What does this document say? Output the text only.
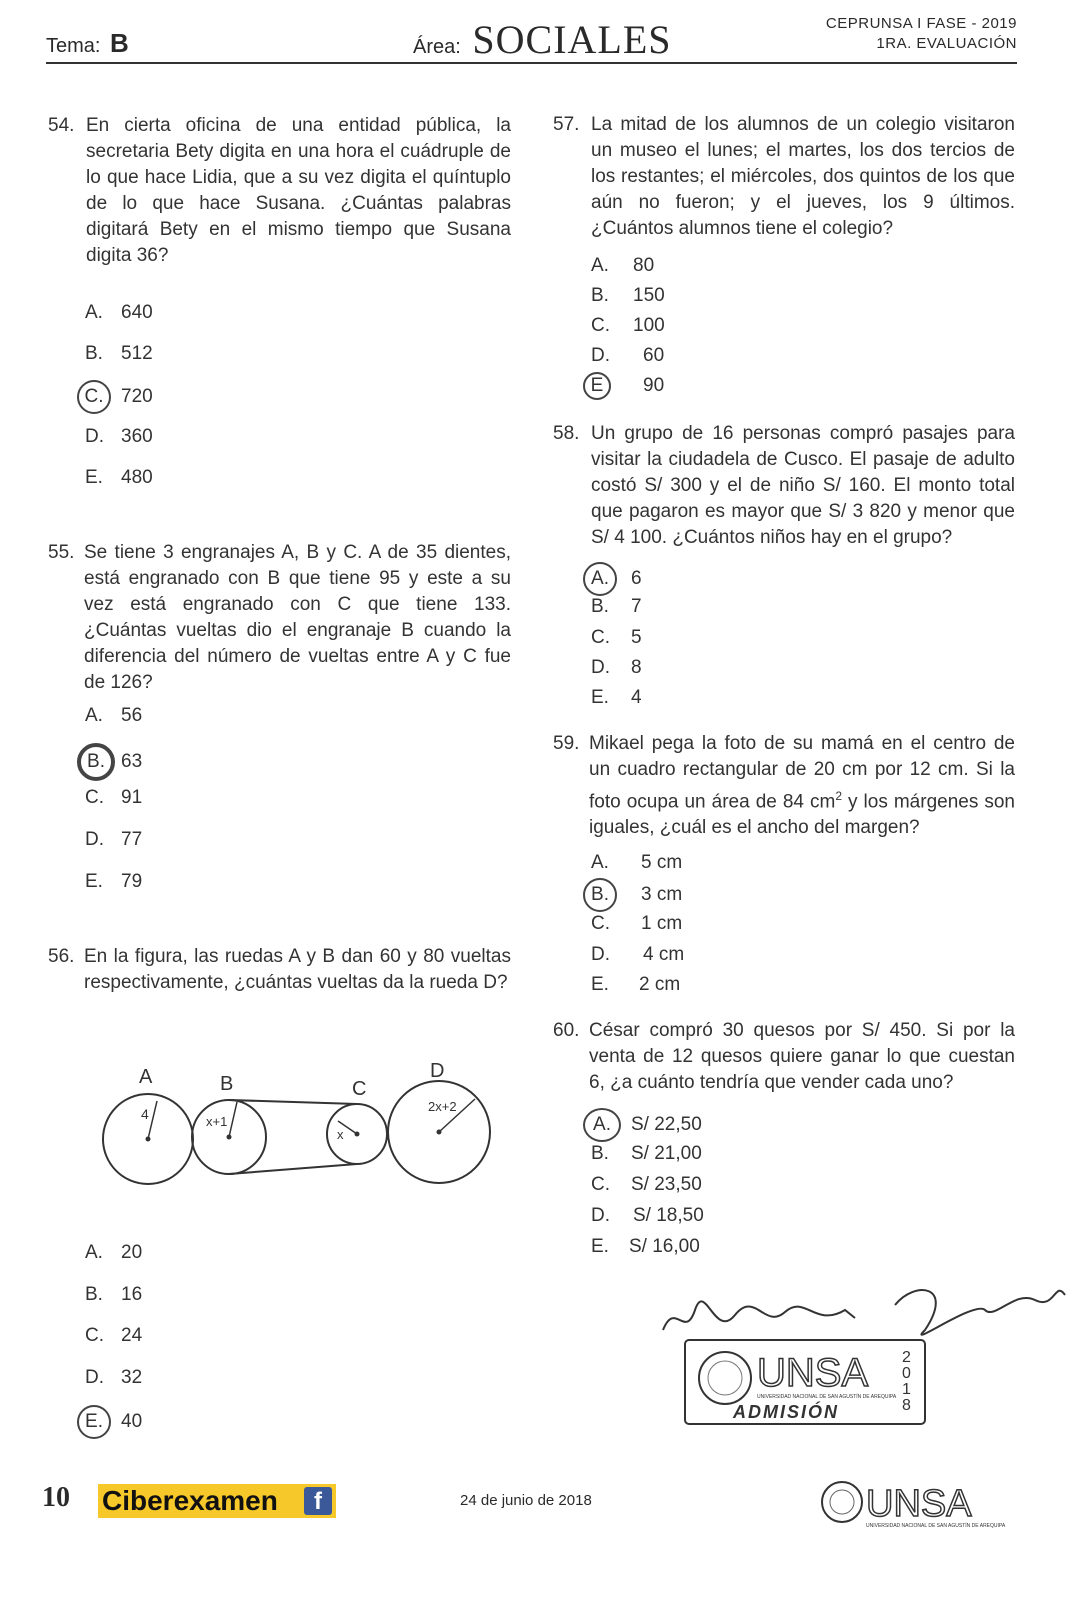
Tema: B	Área: SOCIALES	CEPRUNSA I FASE - 2019
1RA. EVALUACIÓN
54. En cierta oficina de una entidad pública, la secretaria Bety digita en una hora el cuádruple de lo que hace Lidia, que a su vez digita el quíntuplo de lo que hace Susana. ¿Cuántas palabras digitará Bety en el mismo tiempo que Susana digita 36?
A. 640
B. 512
C. 720
D. 360
E. 480
55. Se tiene 3 engranajes A, B y C. A de 35 dientes, está engranado con B que tiene 95 y este a su vez está engranado con C que tiene 133. ¿Cuántas vueltas dio el engranaje B cuando la diferencia del número de vueltas entre A y C fue de 126?
A. 56
B. 63
C. 91
D. 77
E. 79
56. En la figura, las ruedas A y B dan 60 y 80 vueltas respectivamente, ¿cuántas vueltas da la rueda D?
A	B	C
D
4	x+1
x
2x+2
A. 20
B. 16
C. 24
D. 32
E. 40
57. La mitad de los alumnos de un colegio visitaron un museo el lunes; el martes, los dos tercios de los restantes; el miércoles, dos quintos de los que aún no fueron; y el jueves, los 9 últimos. ¿Cuántos alumnos tiene el colegio?
A. 80
B. 150
C. 100
D. 60
E 90
58. Un grupo de 16 personas compró pasajes para visitar la ciudadela de Cusco. El pasaje de adulto costó S/ 300 y el de niño S/ 160. El monto total que pagaron es mayor que S/ 3 820 y menor que S/ 4 100. ¿Cuántos niños hay en el grupo?
A. 6
B. 7
C. 5
D. 8
E. 4
59. Mikael pega la foto de su mamá en el centro de un cuadro rectangular de 20 cm por 12 cm. Si la foto ocupa un área de 84 $cm^2$ y los márgenes son iguales, ¿cuál es el ancho del margen?
A. 5 cm
B. 3 cm
C. 1 cm
D. 4 cm
E. 2 cm
60. César compró 30 quesos por S/ 450. Si por la venta de 12 quesos quiere ganar lo que cuestan 6, ¿a cuánto tendría que vender cada uno?
A. S/ 22,50
B. S/ 21,00
C. S/ 23,50
D. S/ 18,50
E. S/ 16,00
UNSA
UNIVERSIDAD NACIONAL DE SAN AGUSTÍN DE AREQUIPA
ADMISIÓN
2
0
1
8
10 Ciberexamen	f	24 de junio de 2018	UNSA
UNIVERSIDAD NACIONAL DE SAN AGUSTÍN DE AREQUIPA
